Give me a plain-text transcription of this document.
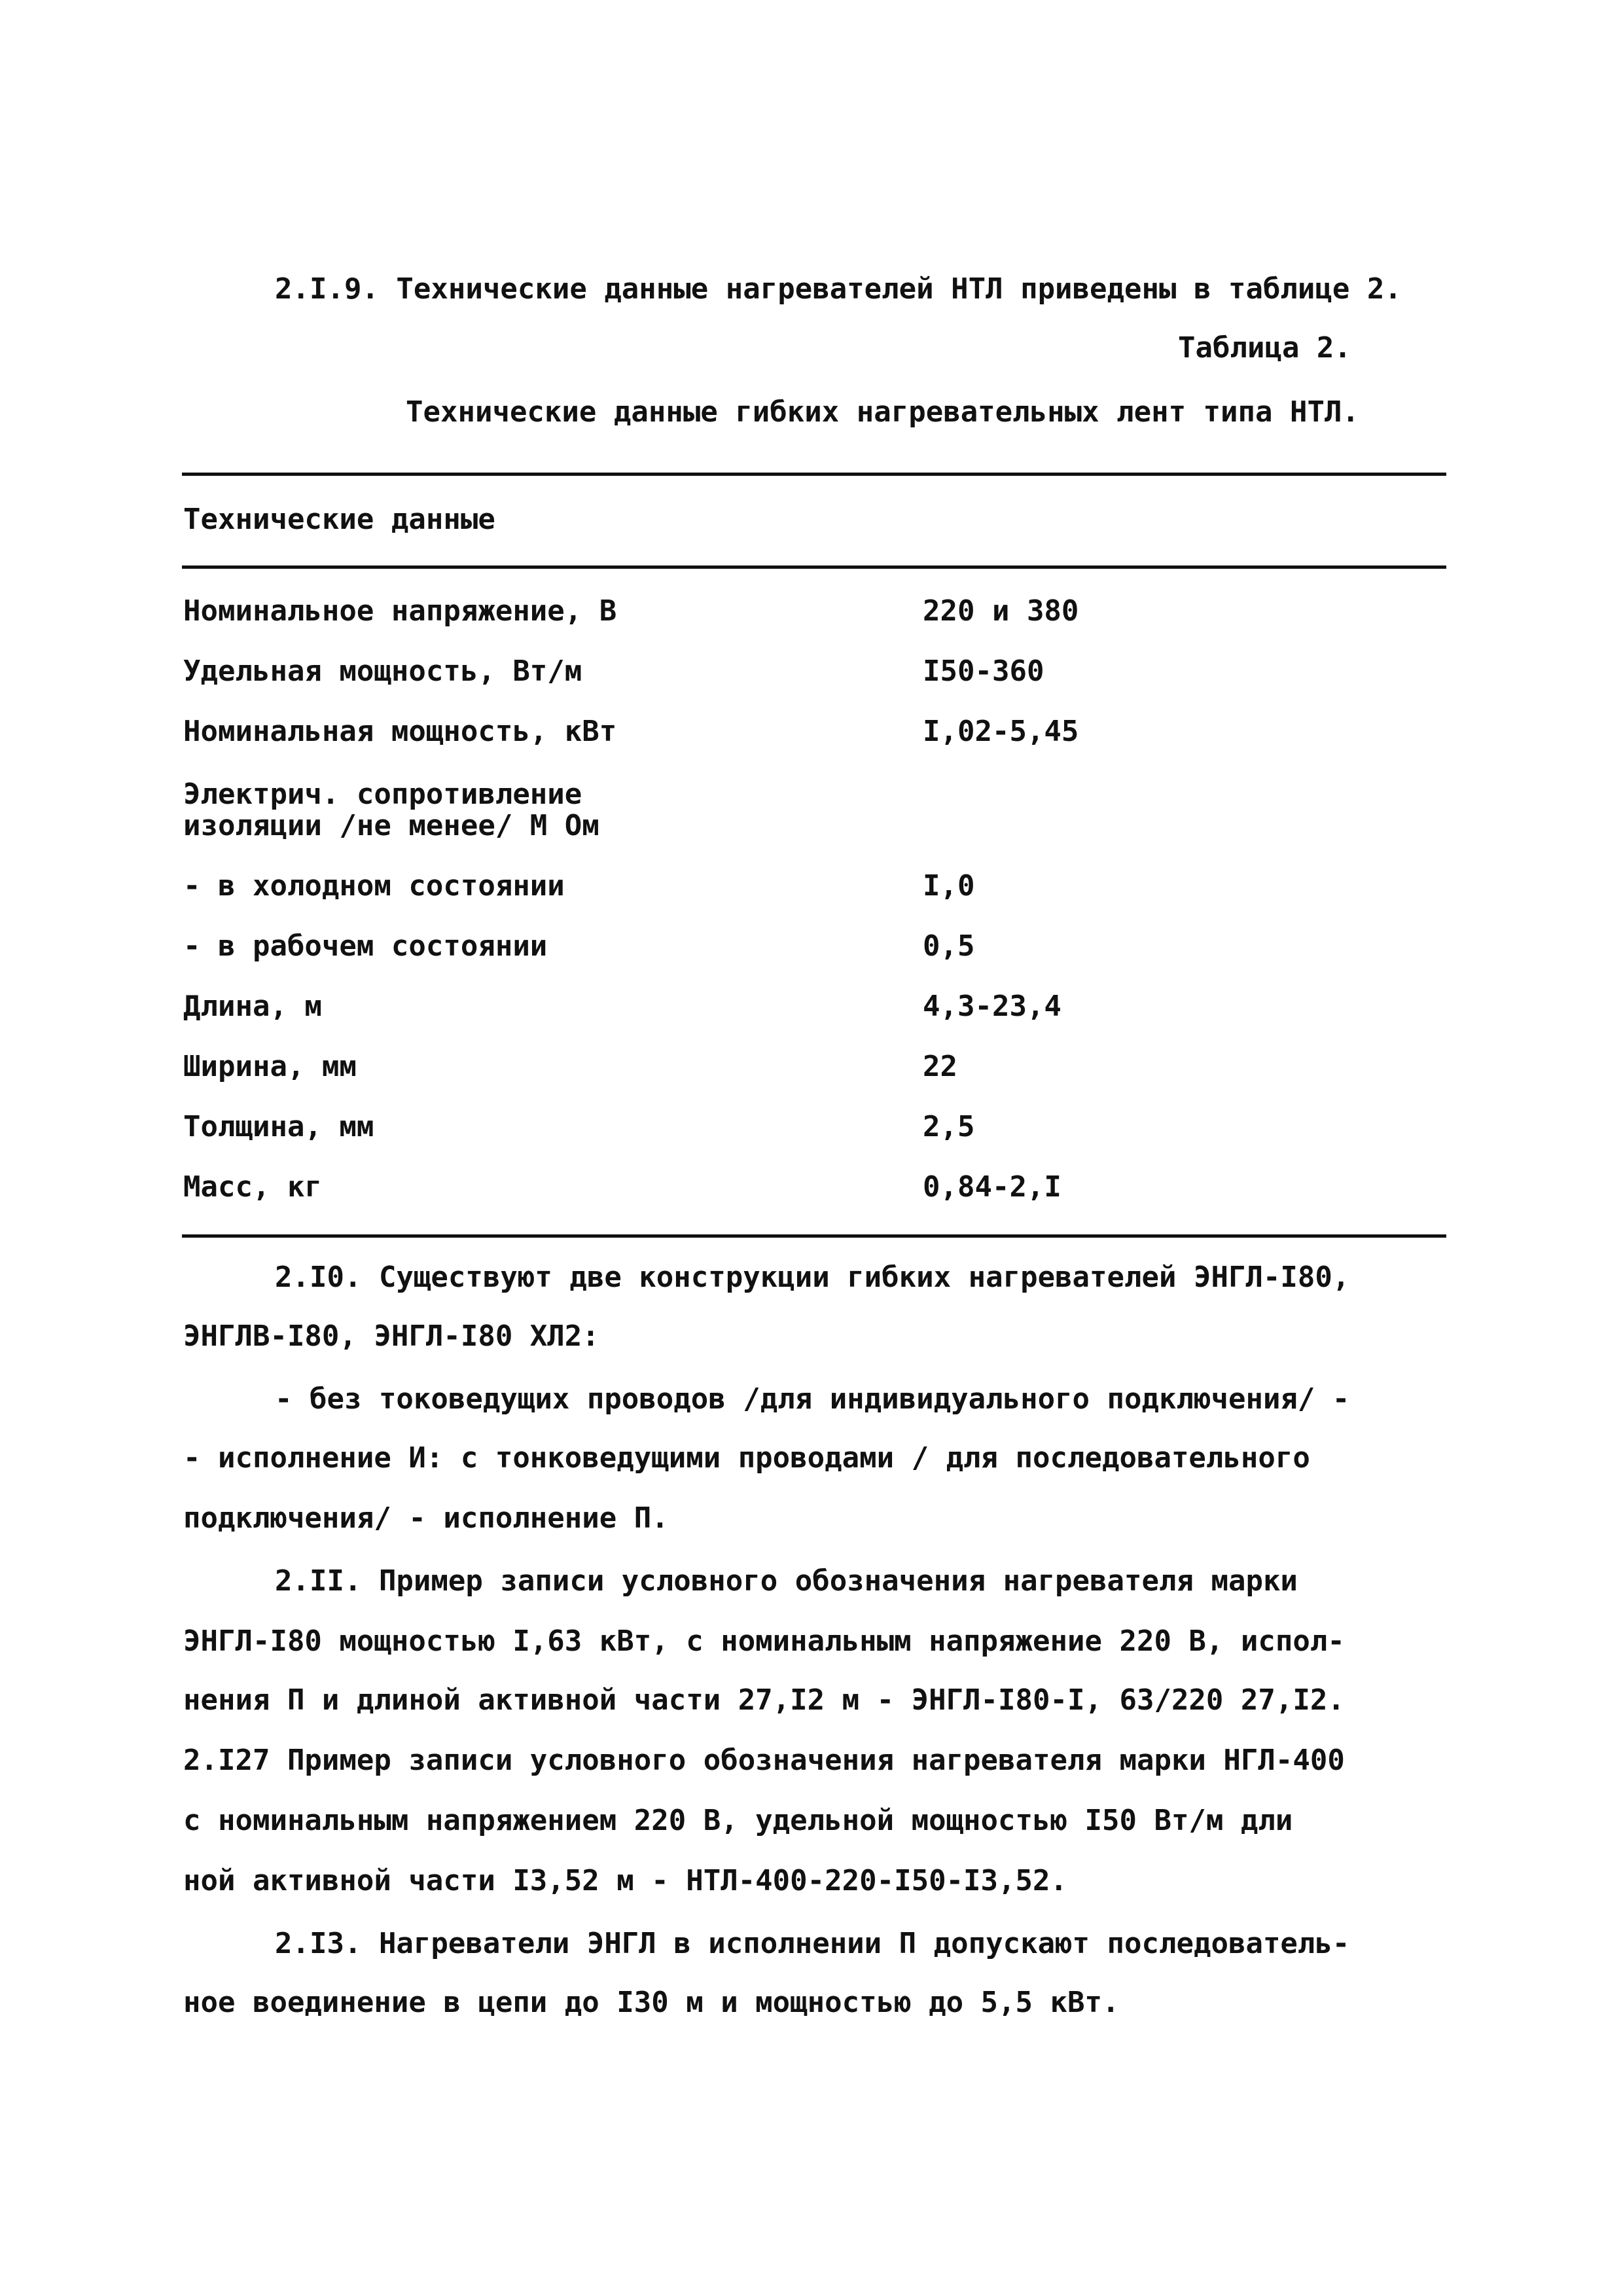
2.I.9. Технические данные нагревателей НТЛ приведены в таблице 2.
Таблица 2.
Технические данные гибких нагревательных лент типа НТЛ.
Технические данные
Номинальное напряжение, В	220 и 380
Удельная мощность, Вт/м	I50-360
Номинальная мощность, кВт	I,02-5,45
Электрич. сопротивление
изоляции /не менее/ М Ом
- в холодном состоянии	I,0
- в рабочем состоянии	0,5
Длина, м	4,3-23,4
Ширина, мм	22
Толщина, мм	2,5
Масс, кг	0,84-2,I
2.I0. Существуют две конструкции гибких нагревателей ЭНГЛ-I80,
ЭНГЛВ-I80, ЭНГЛ-I80 ХЛ2:
- без токоведущих проводов /для индивидуального подключения/ -
- исполнение И: с тонковедущими проводами / для последовательного
подключения/ - исполнение П.
2.II. Пример записи условного обозначения нагревателя марки
ЭНГЛ-I80 мощностью I,63 кВт, с номинальным напряжение 220 В, испол-
нения П и длиной активной части 27,I2 м - ЭНГЛ-I80-I, 63/220 27,I2.
2.I27 Пример записи условного обозначения нагревателя марки НГЛ-400
с номинальным напряжением 220 В, удельной мощностью I50 Вт/м дли
ной активной части I3,52 м - НТЛ-400-220-I50-I3,52.
2.I3. Нагреватели ЭНГЛ в исполнении П допускают последователь-
ное воединение в цепи до I30 м и мощностью до 5,5 кВт.
